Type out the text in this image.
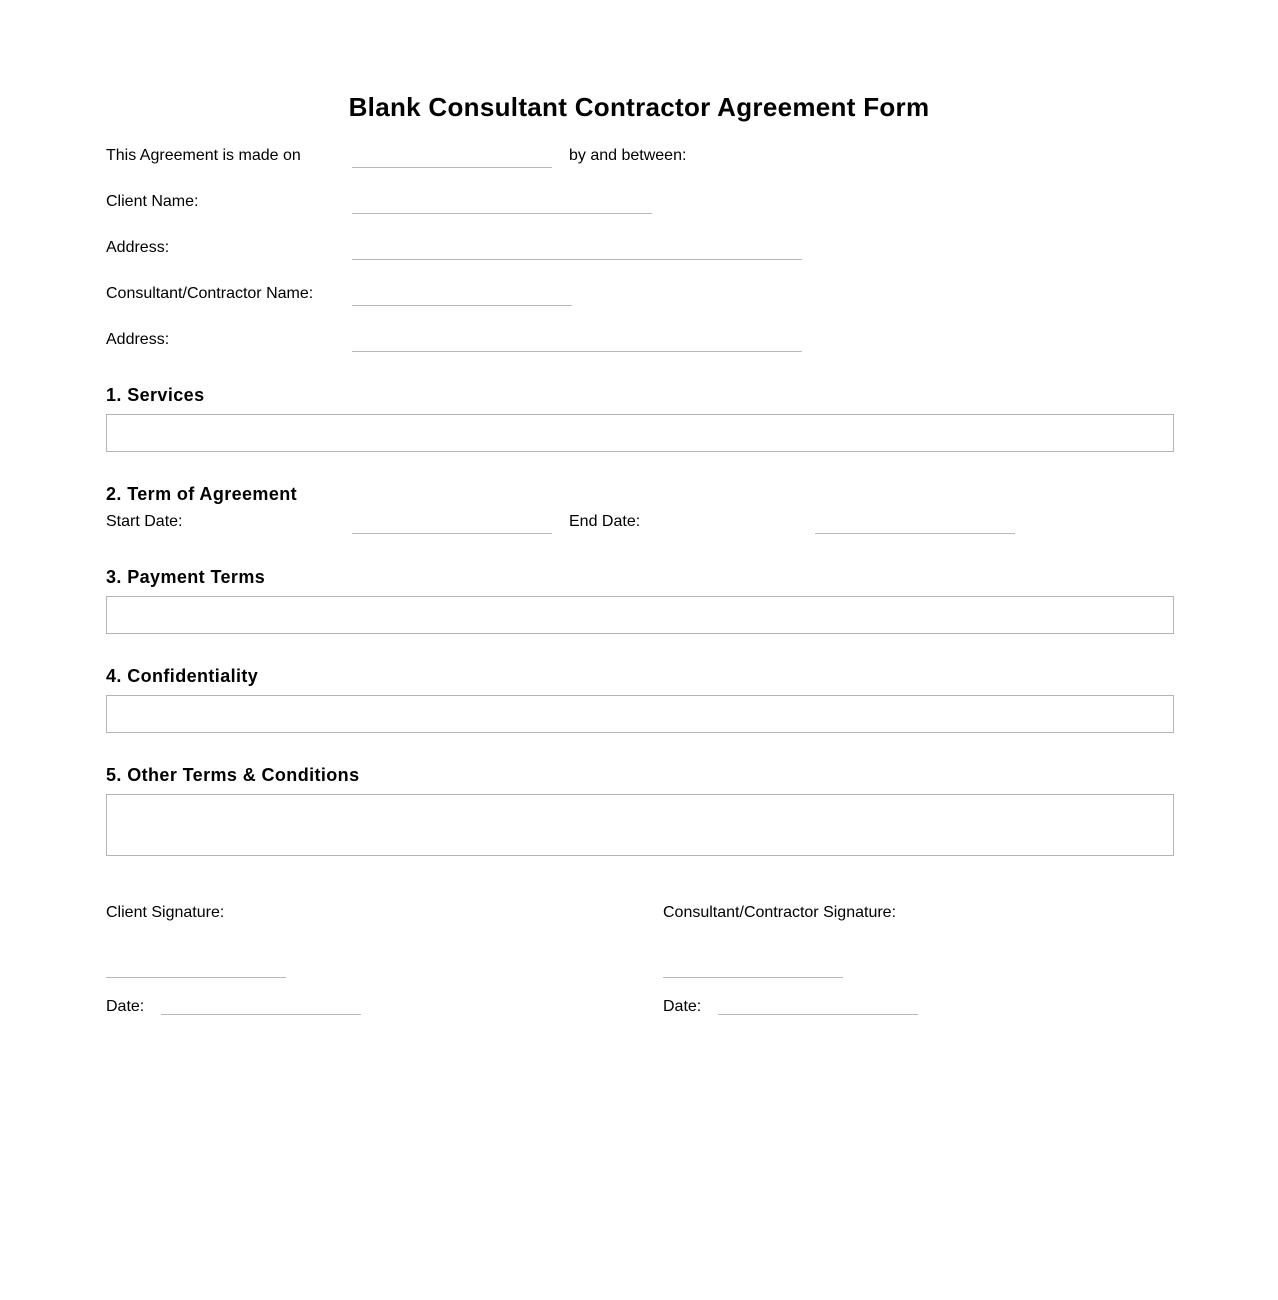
Blank Consultant Contractor Agreement Form
This Agreement is made on	by and between:
Client Name:
Address:
Consultant/Contractor Name:
Address:
1. Services
2. Term of Agreement
Start Date:	End Date:
3. Payment Terms
4. Confidentiality
5. Other Terms & Conditions
Client Signature:
Date:
Consultant/Contractor Signature:
Date:
